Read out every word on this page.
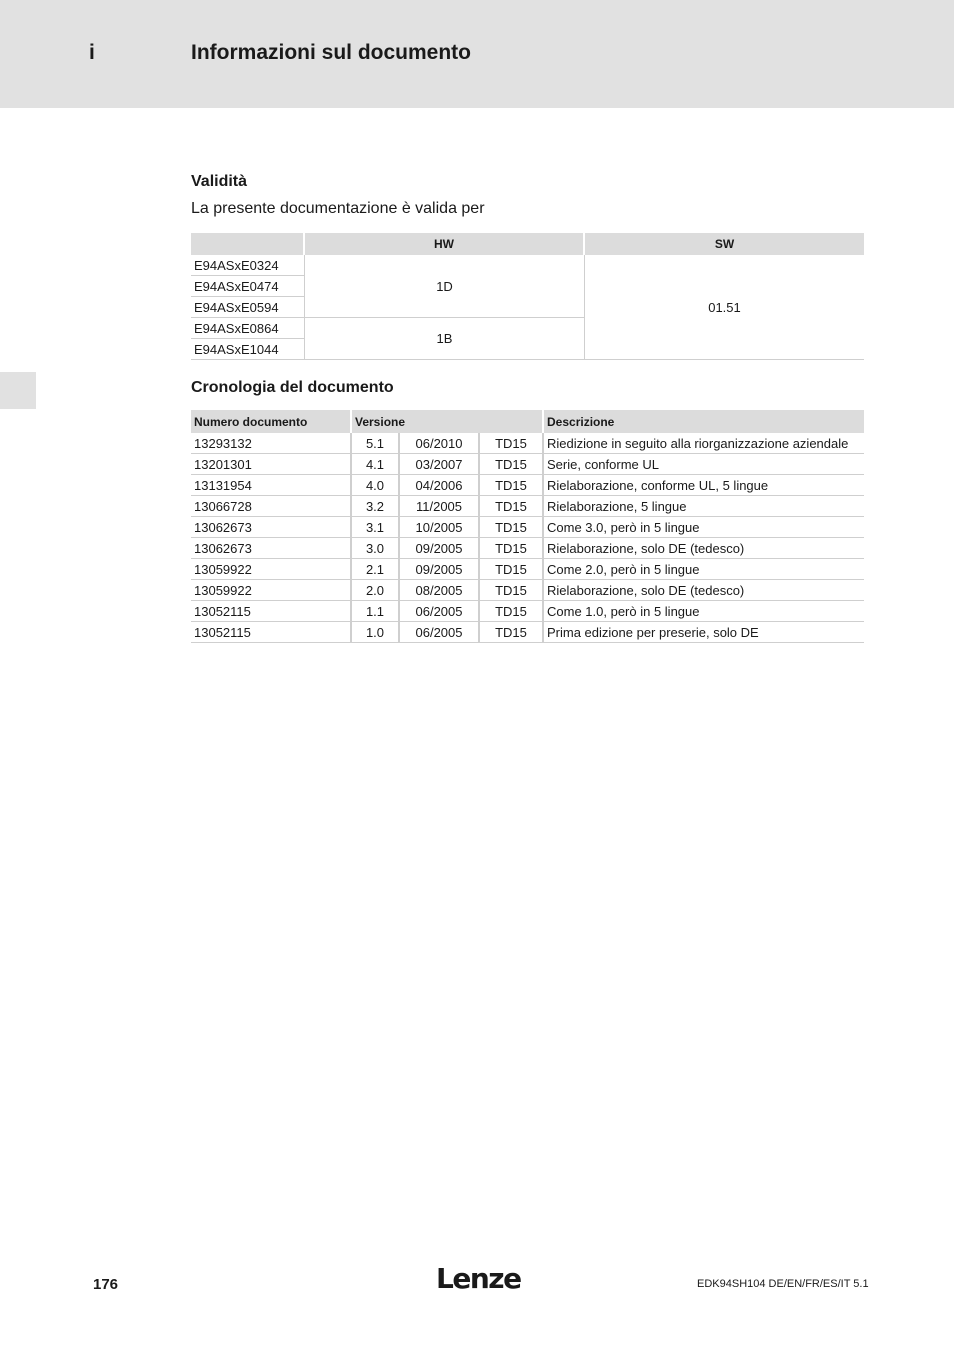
i	Informazioni sul documento
Validità
La presente documentazione è valida per
	HW	SW
E94ASxE0324	1D	01.51
E94ASxE0474		
E94ASxE0594		
E94ASxE0864	1B	
E94ASxE1044		
Cronologia del documento
Numero documento	Versione			Descrizione
13293132	5.1	06/2010	TD15	Riedizione in seguito alla riorganizzazione aziendale
13201301	4.1	03/2007	TD15	Serie, conforme UL
13131954	4.0	04/2006	TD15	Rielaborazione, conforme UL, 5 lingue
13066728	3.2	11/2005	TD15	Rielaborazione, 5 lingue
13062673	3.1	10/2005	TD15	Come 3.0, però in 5 lingue
13062673	3.0	09/2005	TD15	Rielaborazione, solo DE (tedesco)
13059922	2.1	09/2005	TD15	Come 2.0, però in 5 lingue
13059922	2.0	08/2005	TD15	Rielaborazione, solo DE (tedesco)
13052115	1.1	06/2005	TD15	Come 1.0, però in 5 lingue
13052115	1.0	06/2005	TD15	Prima edizione per preserie, solo DE
176	Lenze	EDK94SH104 DE/EN/FR/ES/IT 5.1
